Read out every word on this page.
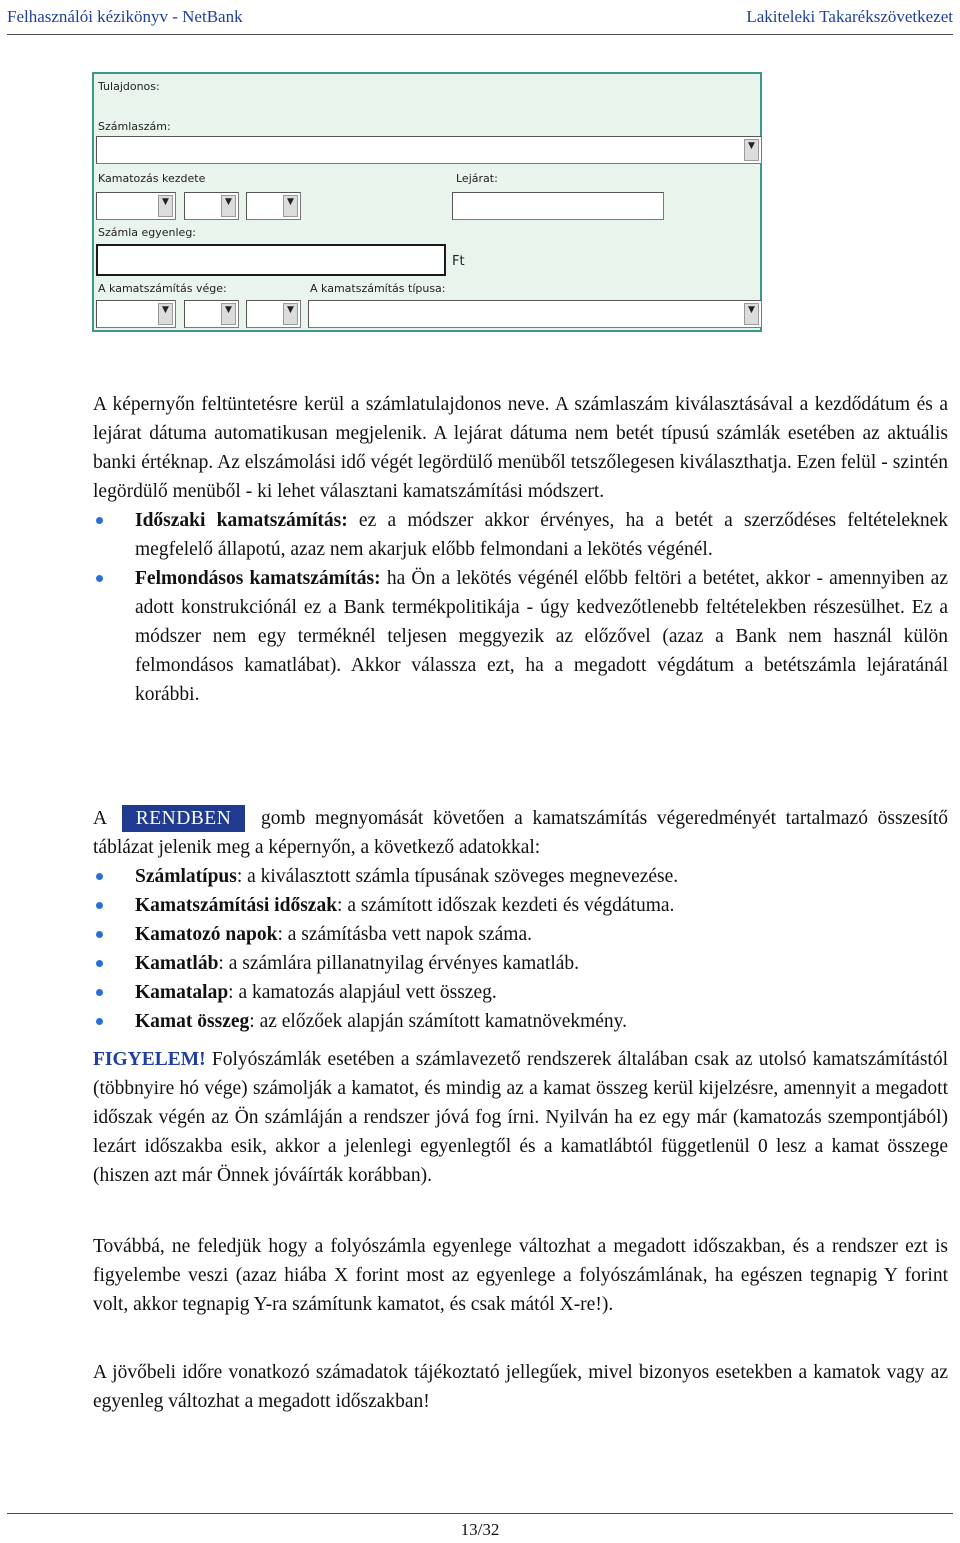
Felhasználói kézikönyv - NetBank	Lakiteleki Takarékszövetkezet
Tulajdonos:
Számlaszám:
▼
Kamatozás kezdete	Lejárat:
▼	▼	▼
Számla egyenleg:
Ft
A kamatszámítás vége:	A kamatszámítás típusa:
▼	▼	▼	▼

A képernyőn feltüntetésre kerül a számlatulajdonos neve. A számlaszám kiválasztásával a kezdődátum és a lejárat dátuma automatikusan megjelenik. A lejárat dátuma nem betét típusú számlák esetében az aktuális banki értéknap. Az elszámolási idő végét legördülő menüből tetszőlegesen kiválaszthatja. Ezen felül - szintén legördülő menüből - ki lehet választani kamatszámítási módszert.

Időszaki kamatszámítás: ez a módszer akkor érvényes, ha a betét a szerződéses feltételeknek megfelelő állapotú, azaz nem akarjuk előbb felmondani a lekötés végénél.
Felmondásos kamatszámítás: ha Ön a lekötés végénél előbb feltöri a betétet, akkor - amennyiben az adott konstrukciónál ez a Bank termékpolitikája - úgy kedvezőtlenebb feltételekben részesülhet. Ez a módszer nem egy terméknél teljesen meggyezik az előzővel (azaz a Bank nem használ külön felmondásos kamatlábat). Akkor válassza ezt, ha a megadott végdátum a betétszámla lejáratánál korábbi.

A RENDBEN gomb megnyomását követően a kamatszámítás végeredményét tartalmazó összesítő táblázat jelenik meg a képernyőn, a következő adatokkal:

Számlatípus: a kiválasztott számla típusának szöveges megnevezése.
Kamatszámítási időszak: a számított időszak kezdeti és végdátuma.
Kamatozó napok: a számításba vett napok száma.
Kamatláb: a számlára pillanatnyilag érvényes kamatláb.
Kamatalap: a kamatozás alapjául vett összeg.
Kamat összeg: az előzőek alapján számított kamatnövekmény.

FIGYELEM! Folyószámlák esetében a számlavezető rendszerek általában csak az utolsó kamatszámítástól (többnyire hó vége) számolják a kamatot, és mindig az a kamat összeg kerül kijelzésre, amennyit a megadott időszak végén az Ön számláján a rendszer jóvá fog írni. Nyilván ha ez egy már (kamatozás szempontjából) lezárt időszakba esik, akkor a jelenlegi egyenlegtől és a kamatlábtól függetlenül 0 lesz a kamat összege (hiszen azt már Önnek jóváírták korábban).

Továbbá, ne feledjük hogy a folyószámla egyenlege változhat a megadott időszakban, és a rendszer ezt is figyelembe veszi (azaz hiába X forint most az egyenlege a folyószámlának, ha egészen tegnapig Y forint volt, akkor tegnapig Y-ra számítunk kamatot, és csak mától X-re!).

A jövőbeli időre vonatkozó számadatok tájékoztató jellegűek, mivel bizonyos esetekben a kamatok vagy az egyenleg változhat a megadott időszakban!

13/32
